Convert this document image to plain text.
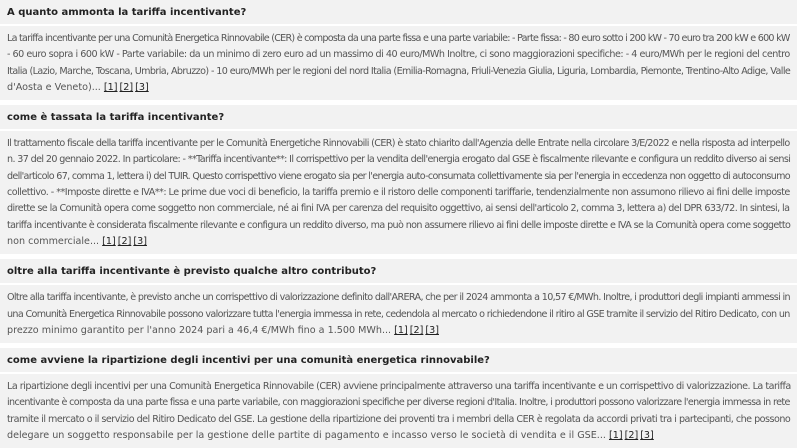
A quanto ammonta la tariffa incentivante?
La tariffa incentivante per una Comunità Energetica Rinnovabile (CER) è composta da una parte fissa e una parte variabile: - Parte fissa: - 80 euro sotto i 200 kW - 70 euro tra 200 kW e 600 kW
- 60 euro sopra i 600 kW - Parte variabile: da un minimo di zero euro ad un massimo di 40 euro/MWh Inoltre, ci sono maggiorazioni specifiche: - 4 euro/MWh per le regioni del centro
Italia (Lazio, Marche, Toscana, Umbria, Abruzzo) - 10 euro/MWh per le regioni del nord Italia (Emilia-Romagna, Friuli-Venezia Giulia, Liguria, Lombardia, Piemonte, Trentino-Alto Adige, Valle
d'Aosta e Veneto)... [1] [2] [3]
come è tassata la tariffa incentivante?
Il trattamento fiscale della tariffa incentivante per le Comunità Energetiche Rinnovabili (CER) è stato chiarito dall'Agenzia delle Entrate nella circolare 3/E/2022 e nella risposta ad interpello
n. 37 del 20 gennaio 2022. In particolare: - **Tariffa incentivante**: Il corrispettivo per la vendita dell'energia erogato dal GSE è fiscalmente rilevante e configura un reddito diverso ai sensi
dell'articolo 67, comma 1, lettera i) del TUIR. Questo corrispettivo viene erogato sia per l'energia auto-consumata collettivamente sia per l'energia in eccedenza non oggetto di autoconsumo
collettivo. - **Imposte dirette e IVA**: Le prime due voci di beneficio, la tariffa premio e il ristoro delle componenti tariffarie, tendenzialmente non assumono rilievo ai fini delle imposte
dirette se la Comunità opera come soggetto non commerciale, né ai fini IVA per carenza del requisito oggettivo, ai sensi dell'articolo 2, comma 3, lettera a) del DPR 633/72. In sintesi, la
tariffa incentivante è considerata fiscalmente rilevante e configura un reddito diverso, ma può non assumere rilievo ai fini delle imposte dirette e IVA se la Comunità opera come soggetto
non commerciale... [1] [2] [3]
oltre alla tariffa incentivante è previsto qualche altro contributo?
Oltre alla tariffa incentivante, è previsto anche un corrispettivo di valorizzazione definito dall'ARERA, che per il 2024 ammonta a 10,57 €/MWh. Inoltre, i produttori degli impianti ammessi in
una Comunità Energetica Rinnovabile possono valorizzare tutta l'energia immessa in rete, cedendola al mercato o richiedendone il ritiro al GSE tramite il servizio del Ritiro Dedicato, con un
prezzo minimo garantito per l'anno 2024 pari a 46,4 €/MWh fino a 1.500 MWh... [1] [2] [3]
come avviene la ripartizione degli incentivi per una comunità energetica rinnovabile?
La ripartizione degli incentivi per una Comunità Energetica Rinnovabile (CER) avviene principalmente attraverso una tariffa incentivante e un corrispettivo di valorizzazione. La tariffa
incentivante è composta da una parte fissa e una parte variabile, con maggiorazioni specifiche per diverse regioni d'Italia. Inoltre, i produttori possono valorizzare l'energia immessa in rete
tramite il mercato o il servizio del Ritiro Dedicato del GSE. La gestione della ripartizione dei proventi tra i membri della CER è regolata da accordi privati tra i partecipanti, che possono
delegare un soggetto responsabile per la gestione delle partite di pagamento e incasso verso le società di vendita e il GSE... [1] [2] [3]
